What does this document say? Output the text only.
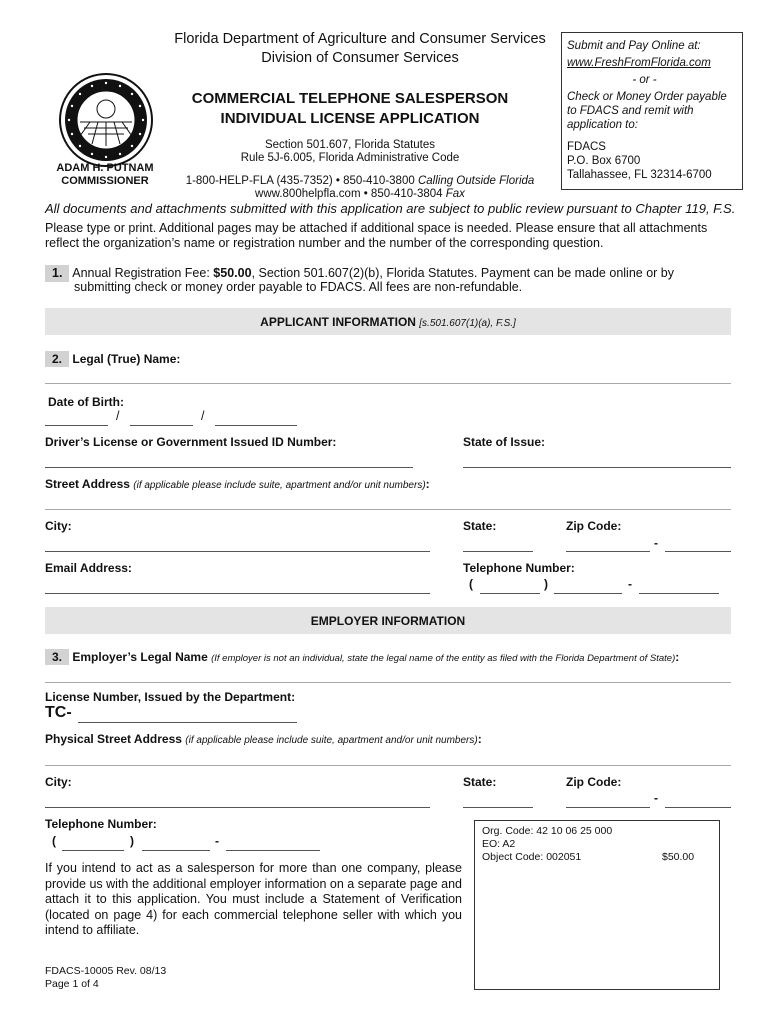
Florida Department of Agriculture and Consumer Services
Division of Consumer Services
ADAM H. PUTNAM
COMMISSIONER
COMMERCIAL TELEPHONE SALESPERSON
INDIVIDUAL LICENSE APPLICATION
Section 501.607, Florida Statutes
Rule 5J-6.005, Florida Administrative Code
1-800-HELP-FLA (435-7352) • 850-410-3800 Calling Outside Florida
www.800helpfla.com • 850-410-3804 Fax
Submit and Pay Online at:
www.FreshFromFlorida.com
- or -
Check or Money Order payable to FDACS and remit with application to:
FDACS
P.O. Box 6700
Tallahassee, FL 32314-6700
All documents and attachments submitted with this application are subject to public review pursuant to Chapter 119, F.S.
Please type or print. Additional pages may be attached if additional space is needed. Please ensure that all attachments reflect the organization’s name or registration number and the number of the corresponding question.
1. Annual Registration Fee: $50.00, Section 501.607(2)(b), Florida Statutes. Payment can be made online or by
submitting check or money order payable to FDACS. All fees are non-refundable.
APPLICANT INFORMATION [s.501.607(1)(a), F.S.]
2. Legal (True) Name:
Date of Birth:
/	/
Driver’s License or Government Issued ID Number:	State of Issue:
Street Address (if applicable please include suite, apartment and/or unit numbers):
City:	State:	Zip Code:
-
Email Address:	Telephone Number:
(	)	-
EMPLOYER INFORMATION
3. Employer’s Legal Name (If employer is not an individual, state the legal name of the entity as filed with the Florida Department of State):
License Number, Issued by the Department:
TC-
Physical Street Address (if applicable please include suite, apartment and/or unit numbers):
City:	State:	Zip Code:
-
Telephone Number:
(	)	-
If you intend to act as a salesperson for more than one company, please provide us with the additional employer information on a separate page and attach it to this application. You must include a Statement of Verification (located on page 4) for each commercial telephone seller with which you intend to affiliate.
Org. Code: 42 10 06 25 000
EO: A2
Object Code: 002051	$50.00
FDACS-10005 Rev. 08/13
Page 1 of 4
